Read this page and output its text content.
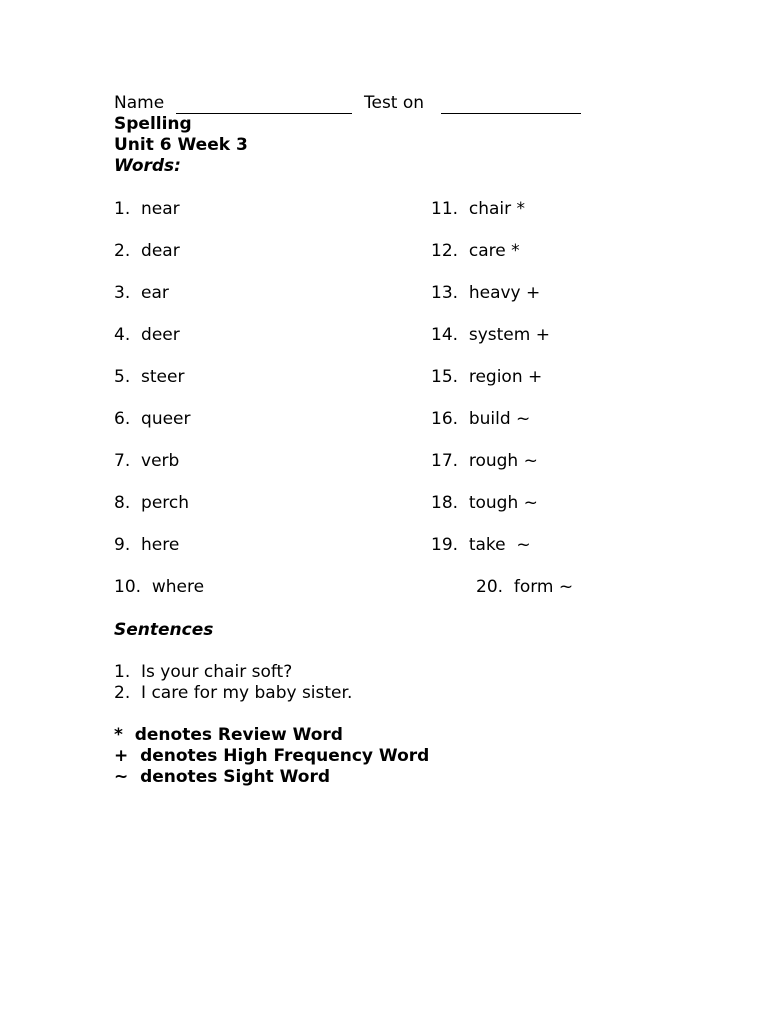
Name	Test on
Spelling
Unit 6 Week 3
Words:
1.  near	11.  chair *
2.  dear	12.  care *
3.  ear	13.  heavy +
4.  deer	14.  system +
5.  steer	15.  region +
6.  queer	16.  build ~
7.  verb	17.  rough ~
8.  perch	18.  tough ~
9.  here	19.  take  ~
10.  where	20.  form ~
Sentences
1.  Is your chair soft?
2.  I care for my baby sister.
*  denotes Review Word
+  denotes High Frequency Word
~  denotes Sight Word
